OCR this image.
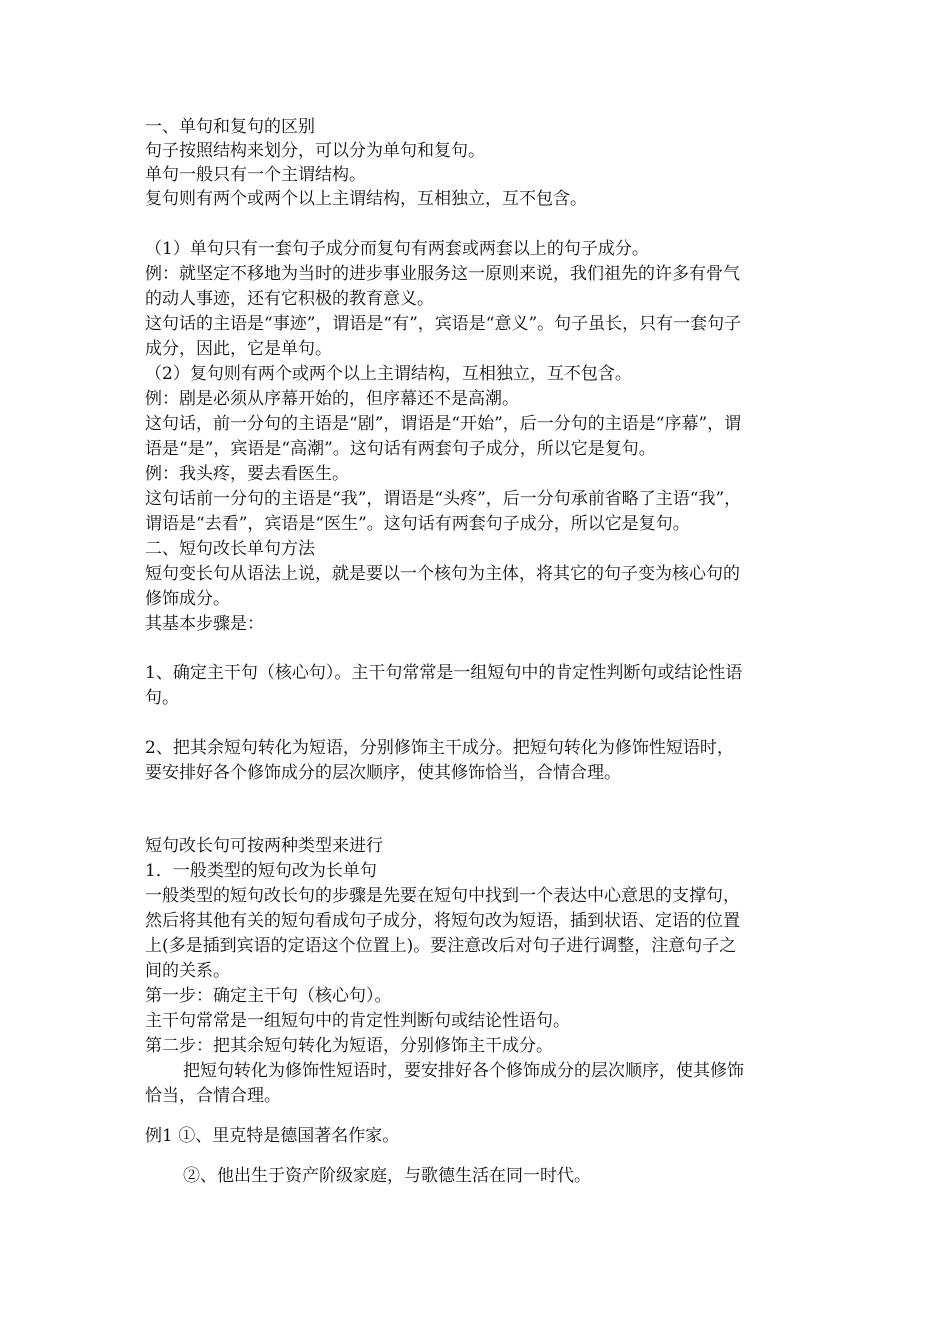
一、单句和复句的区别
句子按照结构来划分，可以分为单句和复句。
单句一般只有一个主谓结构。
复句则有两个或两个以上主谓结构，互相独立，互不包含。
（1）单句只有一套句子成分而复句有两套或两套以上的句子成分。
例：就坚定不移地为当时的进步事业服务这一原则来说，我们祖先的许多有骨气
的动人事迹，还有它积极的教育意义。
这句话的主语是“事迹”，谓语是“有”，宾语是“意义”。句子虽长，只有一套句子
成分，因此，它是单句。
（2）复句则有两个或两个以上主谓结构，互相独立，互不包含。
例：剧是必须从序幕开始的，但序幕还不是高潮。
这句话，前一分句的主语是“剧”，谓语是“开始”，后一分句的主语是“序幕”，谓
语是“是”，宾语是“高潮”。这句话有两套句子成分，所以它是复句。
例：我头疼，要去看医生。
这句话前一分句的主语是“我”，谓语是“头疼”，后一分句承前省略了主语“我”，
谓语是“去看”，宾语是“医生”。这句话有两套句子成分，所以它是复句。
二、短句改长单句方法
短句变长句从语法上说，就是要以一个核句为主体，将其它的句子变为核心句的
修饰成分。
其基本步骤是：
1、确定主干句（核心句）。主干句常常是一组短句中的肯定性判断句或结论性语
句。
2、把其余短句转化为短语，分别修饰主干成分。把短句转化为修饰性短语时，
要安排好各个修饰成分的层次顺序，使其修饰恰当，合情合理。
短句改长句可按两种类型来进行
1．一般类型的短句改为长单句
一般类型的短句改长句的步骤是先要在短句中找到一个表达中心意思的支撑句，
然后将其他有关的短句看成句子成分，将短句改为短语，插到状语、定语的位置
上(多是插到宾语的定语这个位置上)。要注意改后对句子进行调整，注意句子之
间的关系。
第一步：确定主干句（核心句）。
主干句常常是一组短句中的肯定性判断句或结论性语句。
第二步：把其余短句转化为短语，分别修饰主干成分。
把短句转化为修饰性短语时，要安排好各个修饰成分的层次顺序，使其修饰
恰当，合情合理。
例1 ①、里克特是德国著名作家。
②、他出生于资产阶级家庭，与歌德生活在同一时代。
